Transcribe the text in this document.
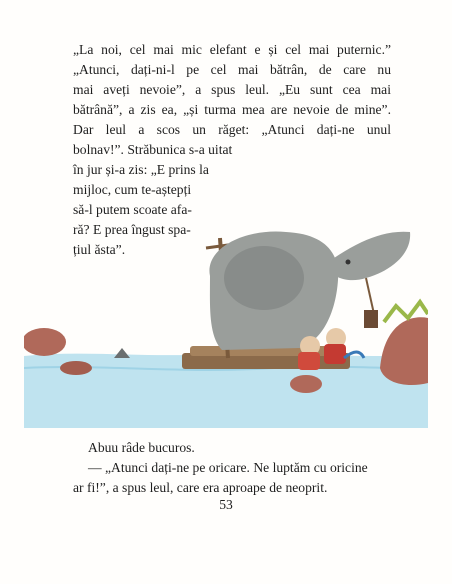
„La noi, cel mai mic elefant e și cel mai puternic.”
„Atunci, dați-ni-l pe cel mai bătrân, de care nu
mai aveți nevoie”, a spus leul. „Eu sunt cea mai
bătrână”, a zis ea, „și turma mea are nevoie de mine”.
Dar leul a scos un răget: „Atunci dați-ne unul
bolnav!”. Străbunica s-a uitat
în jur și-a zis: „E prins la
mijloc, cum te-aștepți
să-l putem scoate afa-
ră? E prea îngust spa-
țiul ăsta”.
Abuu râde bucuros.
— „Atunci dați-ne pe oricare. Ne luptăm cu oricine
ar fi!”, a spus leul, care era aproape de neoprit.
53
